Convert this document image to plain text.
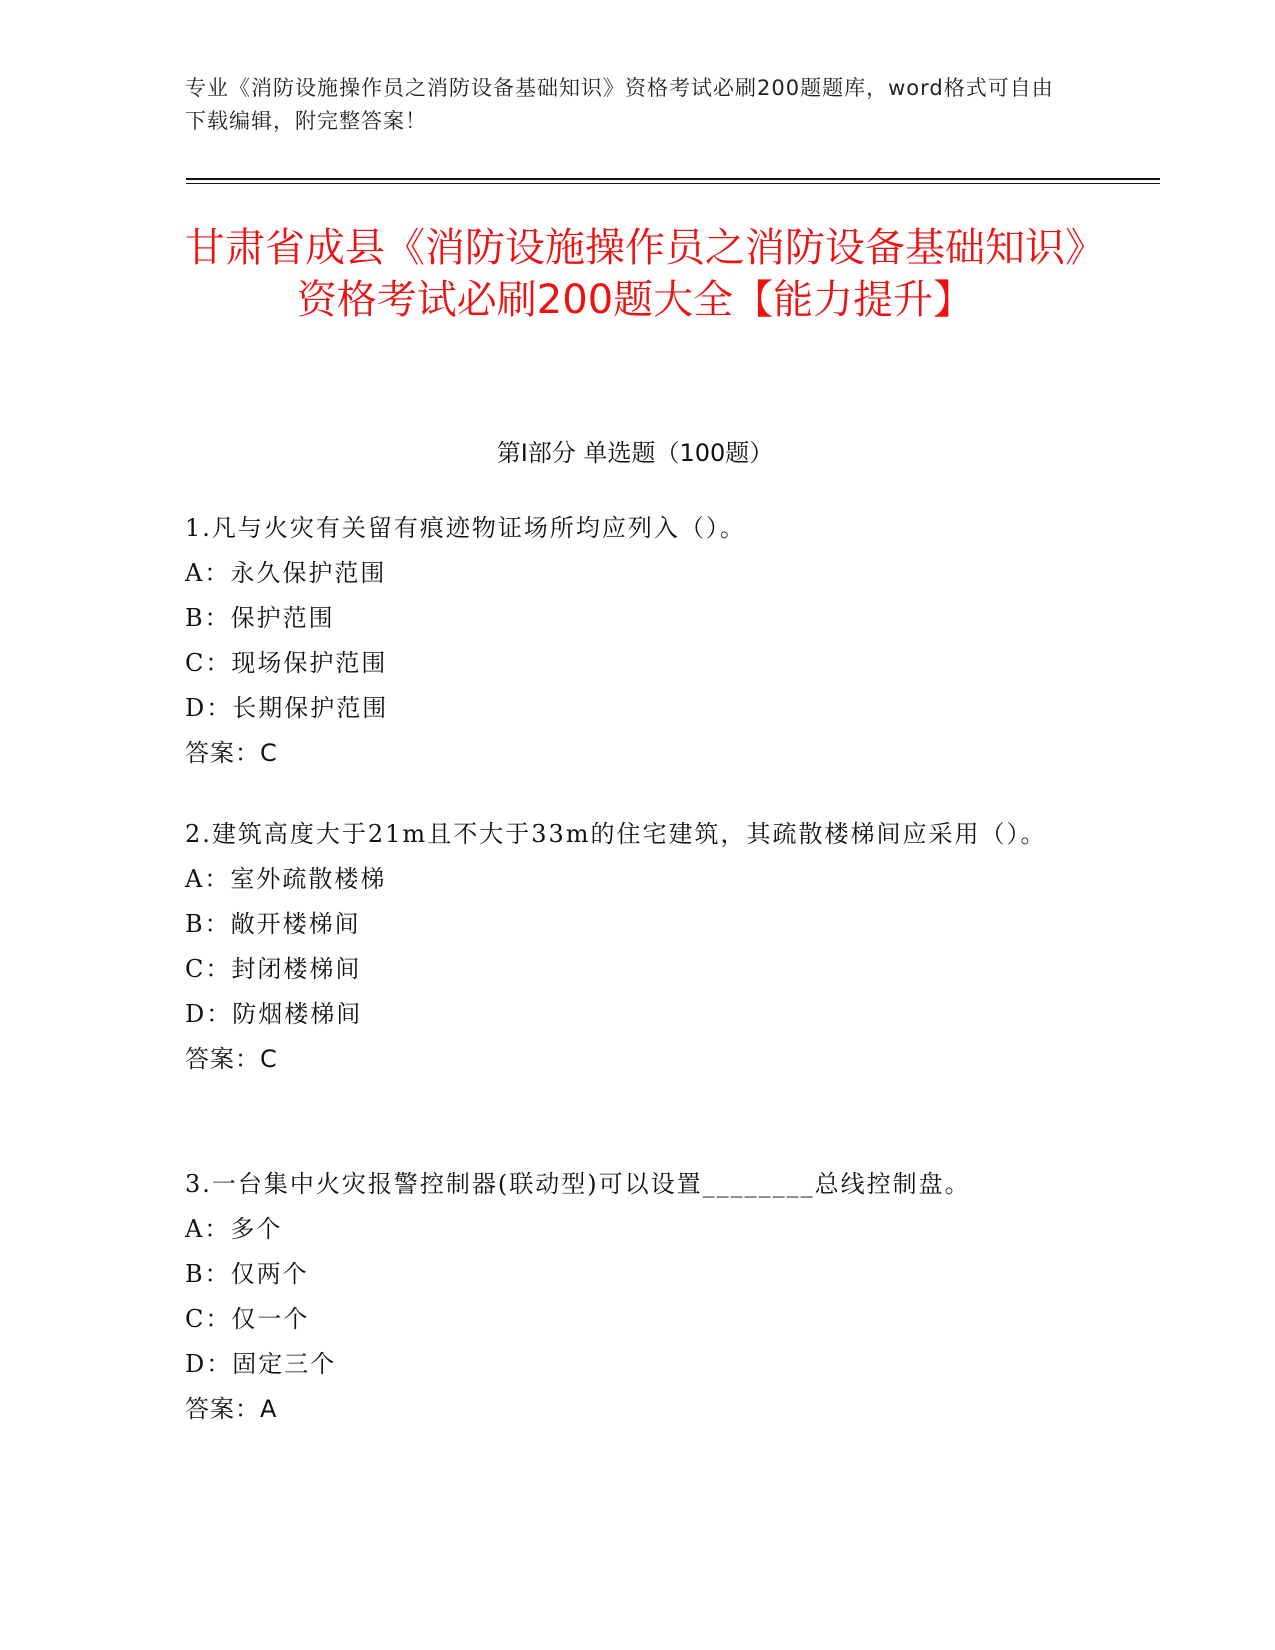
专业《消防设施操作员之消防设备基础知识》资格考试必刷200题题库，word格式可自由下载编辑，附完整答案！
甘肃省成县《消防设施操作员之消防设备基础知识》资格考试必刷200题大全【能力提升】
第Ⅰ部分 单选题（100题）
1.凡与火灾有关留有痕迹物证场所均应列入（）。
A：永久保护范围
B：保护范围
C：现场保护范围
D：长期保护范围
答案：C
2.建筑高度大于21m且不大于33m的住宅建筑，其疏散楼梯间应采用（）。
A：室外疏散楼梯
B：敞开楼梯间
C：封闭楼梯间
D：防烟楼梯间
答案：C
3.一台集中火灾报警控制器(联动型)可以设置________总线控制盘。
A：多个
B：仅两个
C：仅一个
D：固定三个
答案：A
